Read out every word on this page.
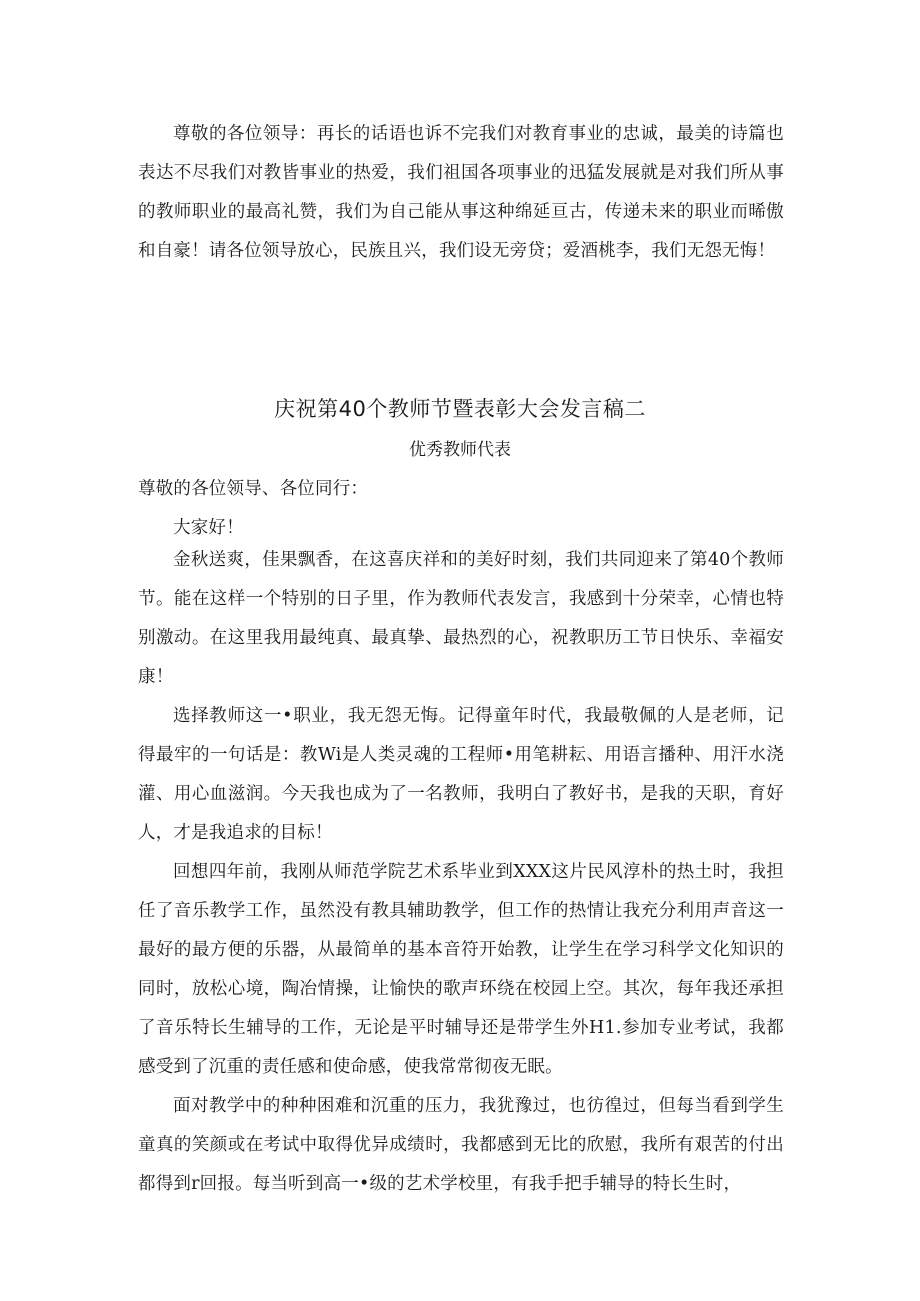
尊敬的各位领导：再长的话语也诉不完我们对教育事业的忠诚，最美的诗篇也表达不尽我们对教皆事业的热爱，我们祖国各项事业的迅猛发展就是对我们所从事的教师职业的最高礼赞，我们为自己能从事这种绵延亘古，传递未来的职业而晞傲和自豪！请各位领导放心，民族且兴，我们设无旁贷；爱酒桃李，我们无怨无悔！

庆祝第40个教师节暨表彰大会发言稿二
优秀教师代表

尊敬的各位领导、各位同行：

大家好！

金秋送爽，佳果飘香，在这喜庆祥和的美好时刻，我们共同迎来了第40个教师节。能在这样一个特别的日子里，作为教师代表发言，我感到十分荣幸，心情也特别激动。在这里我用最纯真、最真挚、最热烈的心，祝教职历工节日快乐、幸福安康！

选择教师这一•职业，我无怨无悔。记得童年时代，我最敬佩的人是老师，记得最牢的一句话是：教Wi是人类灵魂的工程师•用笔耕耘、用语言播种、用汗水浇灌、用心血滋润。今天我也成为了一名教师，我明白了教好书，是我的天职，育好人，才是我追求的目标！

回想四年前，我刚从师范学院艺术系毕业到XXX这片民风淳朴的热土时，我担任了音乐教学工作，虽然没有教具辅助教学，但工作的热情让我充分利用声音这一最好的最方便的乐器，从最简单的基本音符开始教，让学生在学习科学文化知识的同时，放松心境，陶冶情操，让愉快的歌声环绕在校园上空。其次，每年我还承担了音乐特长生辅导的工作，无论是平时辅导还是带学生外H1.参加专业考试，我都感受到了沉重的责任感和使命感，使我常常彻夜无眠。

面对教学中的种种困难和沉重的压力，我犹豫过，也彷徨过，但每当看到学生童真的笑颜或在考试中取得优异成绩时，我都感到无比的欣慰，我所有艰苦的付出都得到r回报。每当听到高一•级的艺术学校里，有我手把手辅导的特长生时，
